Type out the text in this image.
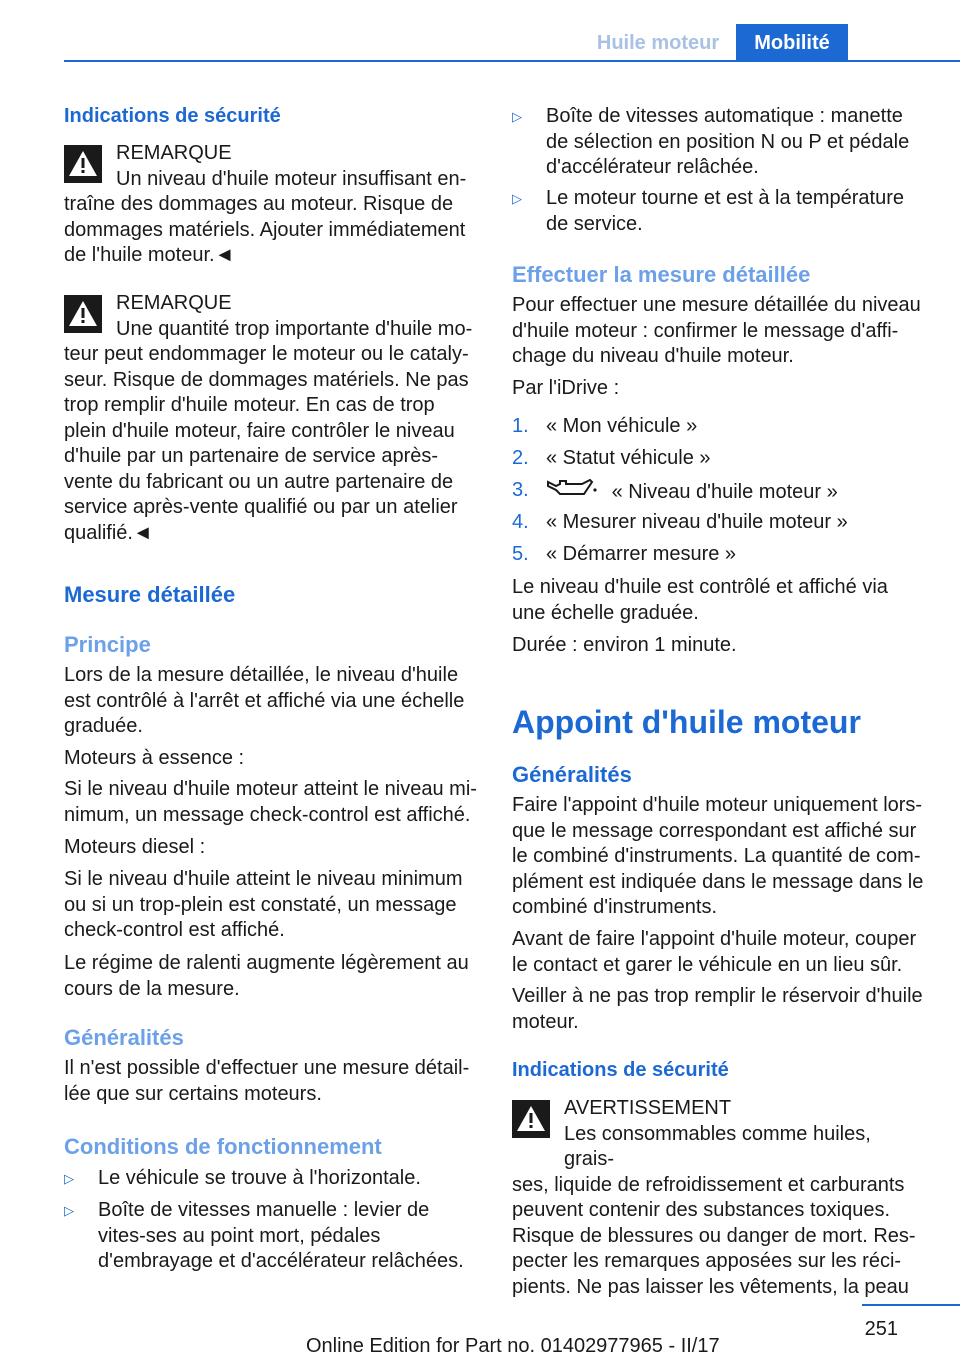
Huile moteur	Mobilité
Indications de sécurité
REMARQUE
Un niveau d'huile moteur insuffisant en-
traîne des dommages au moteur. Risque de dommages matériels. Ajouter immédiatement de l'huile moteur.◄
REMARQUE
Une quantité trop importante d'huile mo-
teur peut endommager le moteur ou le cataly-seur. Risque de dommages matériels. Ne pas trop remplir d'huile moteur. En cas de trop plein d'huile moteur, faire contrôler le niveau d'huile par un partenaire de service après-vente du fabricant ou un autre partenaire de service après-vente qualifié ou par un atelier qualifié.◄
Mesure détaillée
Principe
Lors de la mesure détaillée, le niveau d'huile est contrôlé à l'arrêt et affiché via une échelle graduée.
Moteurs à essence :
Si le niveau d'huile moteur atteint le niveau mi-nimum, un message check-control est affiché.
Moteurs diesel :
Si le niveau d'huile atteint le niveau minimum ou si un trop-plein est constaté, un message check-control est affiché.
Le régime de ralenti augmente légèrement au cours de la mesure.
Généralités
Il n'est possible d'effectuer une mesure détail-lée que sur certains moteurs.
Conditions de fonctionnement
▷	Le véhicule se trouve à l'horizontale.
▷	Boîte de vitesses manuelle : levier de vites-ses au point mort, pédales d'embrayage et d'accélérateur relâchées.
▷	Boîte de vitesses automatique : manette de sélection en position N ou P et pédale d'accélérateur relâchée.
▷	Le moteur tourne et est à la température de service.
Effectuer la mesure détaillée
Pour effectuer une mesure détaillée du niveau d'huile moteur : confirmer le message d'affi-chage du niveau d'huile moteur.
Par l'iDrive :
1. « Mon véhicule »
2. « Statut véhicule »
3.	« Niveau d'huile moteur »
4. « Mesurer niveau d'huile moteur »
5. « Démarrer mesure »
Le niveau d'huile est contrôlé et affiché via une échelle graduée.
Durée : environ 1 minute.
Appoint d'huile moteur
Généralités
Faire l'appoint d'huile moteur uniquement lors-que le message correspondant est affiché sur le combiné d'instruments. La quantité de com-plément est indiquée dans le message dans le combiné d'instruments.
Avant de faire l'appoint d'huile moteur, couper le contact et garer le véhicule en un lieu sûr.
Veiller à ne pas trop remplir le réservoir d'huile moteur.
Indications de sécurité
AVERTISSEMENT
Les consommables comme huiles, grais-
ses, liquide de refroidissement et carburants peuvent contenir des substances toxiques. Risque de blessures ou danger de mort. Res-pecter les remarques apposées sur les réci-pients. Ne pas laisser les vêtements, la peau
251
Online Edition for Part no. 01402977965 - II/17
